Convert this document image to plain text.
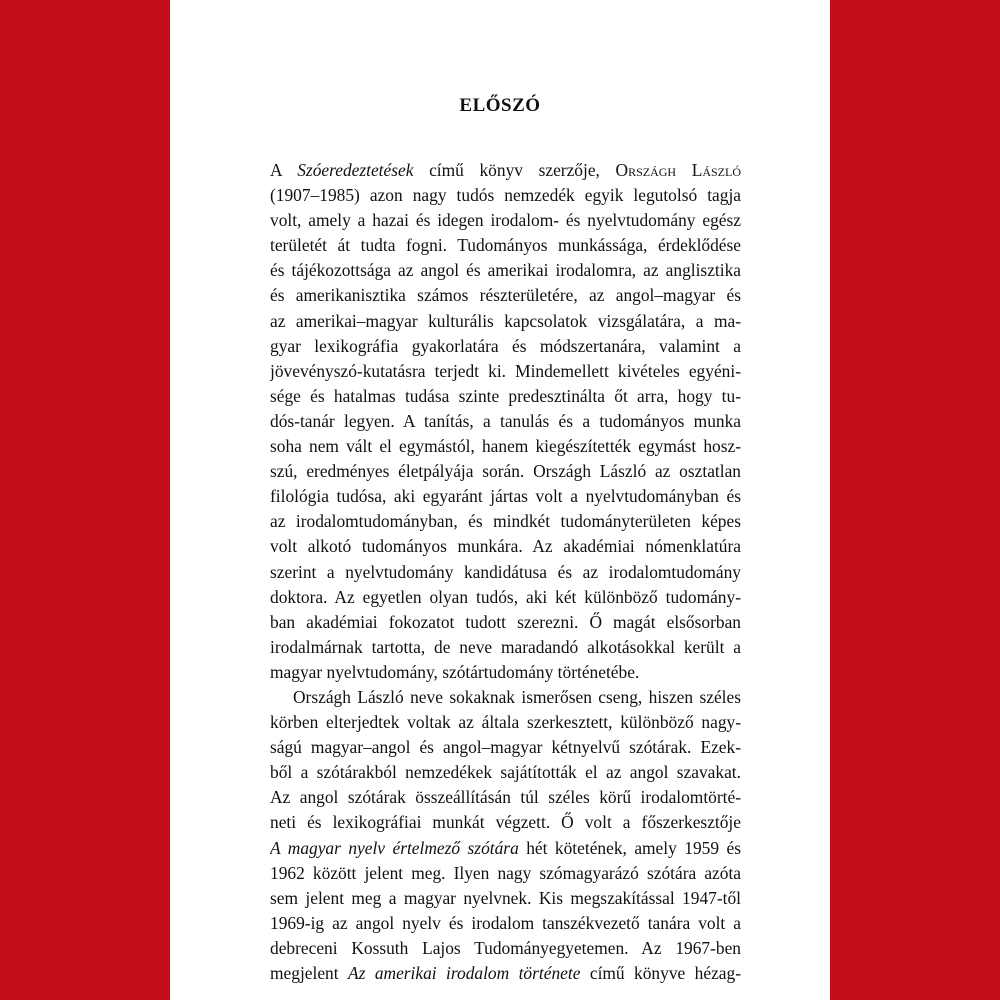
ELŐSZÓ
A Szóeredeztetések című könyv szerzője, Országh László
(1907–1985) azon nagy tudós nemzedék egyik legutolsó tagja
volt, amely a hazai és idegen irodalom- és nyelvtudomány egész
területét át tudta fogni. Tudományos munkássága, érdeklődése
és tájékozottsága az angol és amerikai irodalomra, az anglisztika
és amerikanisztika számos részterületére, az angol–magyar és
az amerikai–magyar kulturális kapcsolatok vizsgálatára, a ma-
gyar lexikográfia gyakorlatára és módszertanára, valamint a
jövevényszó-kutatásra terjedt ki. Mindemellett kivételes egyéni-
sége és hatalmas tudása szinte predesztinálta őt arra, hogy tu-
dós-tanár legyen. A tanítás, a tanulás és a tudományos munka
soha nem vált el egymástól, hanem kiegészítették egymást hosz-
szú, eredményes életpályája során. Országh László az osztatlan
filológia tudósa, aki egyaránt jártas volt a nyelvtudományban és
az irodalomtudományban, és mindkét tudományterületen képes
volt alkotó tudományos munkára. Az akadémiai nómenklatúra
szerint a nyelvtudomány kandidátusa és az irodalomtudomány
doktora. Az egyetlen olyan tudós, aki két különböző tudomány-
ban akadémiai fokozatot tudott szerezni. Ő magát elsősorban
irodalmárnak tartotta, de neve maradandó alkotásokkal került a
magyar nyelvtudomány, szótártudomány történetébe.
Országh László neve sokaknak ismerősen cseng, hiszen széles
körben elterjedtek voltak az általa szerkesztett, különböző nagy-
ságú magyar–angol és angol–magyar kétnyelvű szótárak. Ezek-
ből a szótárakból nemzedékek sajátították el az angol szavakat.
Az angol szótárak összeállításán túl széles körű irodalomtörté-
neti és lexikográfiai munkát végzett. Ő volt a főszerkesztője
A magyar nyelv értelmező szótára hét kötetének, amely 1959 és
1962 között jelent meg. Ilyen nagy szómagyarázó szótára azóta
sem jelent meg a magyar nyelvnek. Kis megszakítással 1947-től
1969-ig az angol nyelv és irodalom tanszékvezető tanára volt a
debreceni Kossuth Lajos Tudományegyetemen. Az 1967-ben
megjelent Az amerikai irodalom története című könyve hézag-
